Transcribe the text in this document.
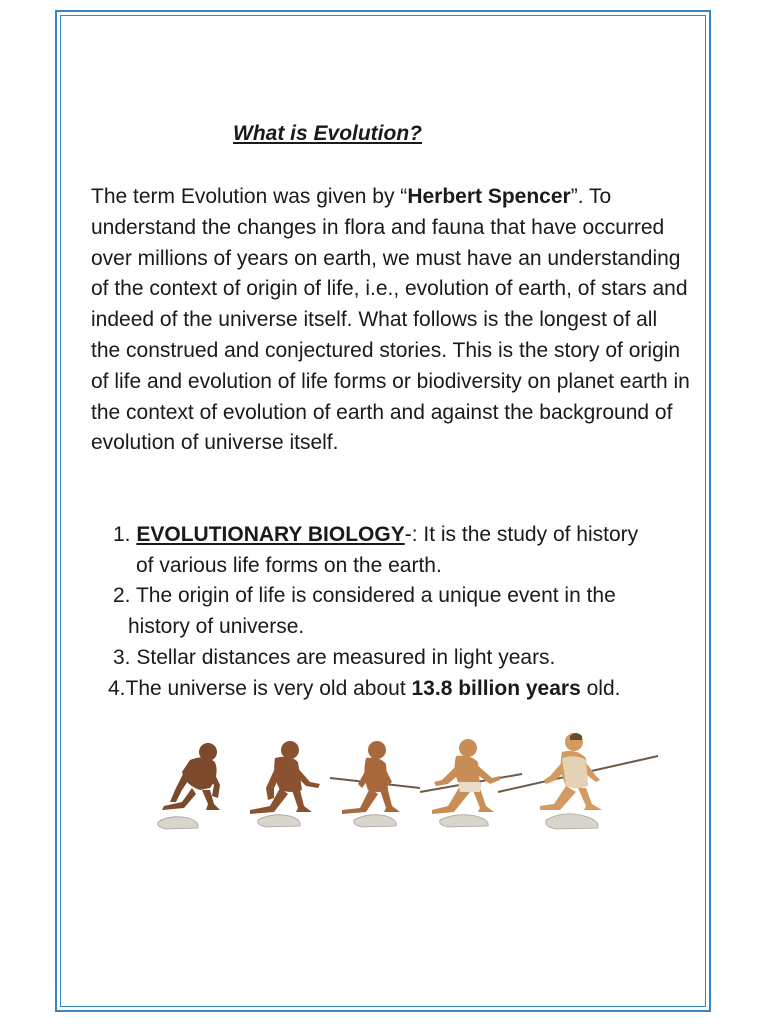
What is Evolution?

The term Evolution was given by “Herbert Spencer”. To understand the changes in flora and fauna that have occurred over millions of years on earth, we must have an understanding of the context of origin of life, i.e., evolution of earth, of stars and indeed of the universe itself. What follows is the longest of all the construed and conjectured stories. This is the story of origin of life and evolution of life forms or biodiversity on planet earth in the context of evolution of earth and against the background of evolution of universe itself.

1. EVOLUTIONARY BIOLOGY-: It is the study of history
of various life forms on the earth.
2. The origin of life is considered a unique event in the
history of universe.
3. Stellar distances are measured in light years.
4.The universe is very old about 13.8 billion years old.
